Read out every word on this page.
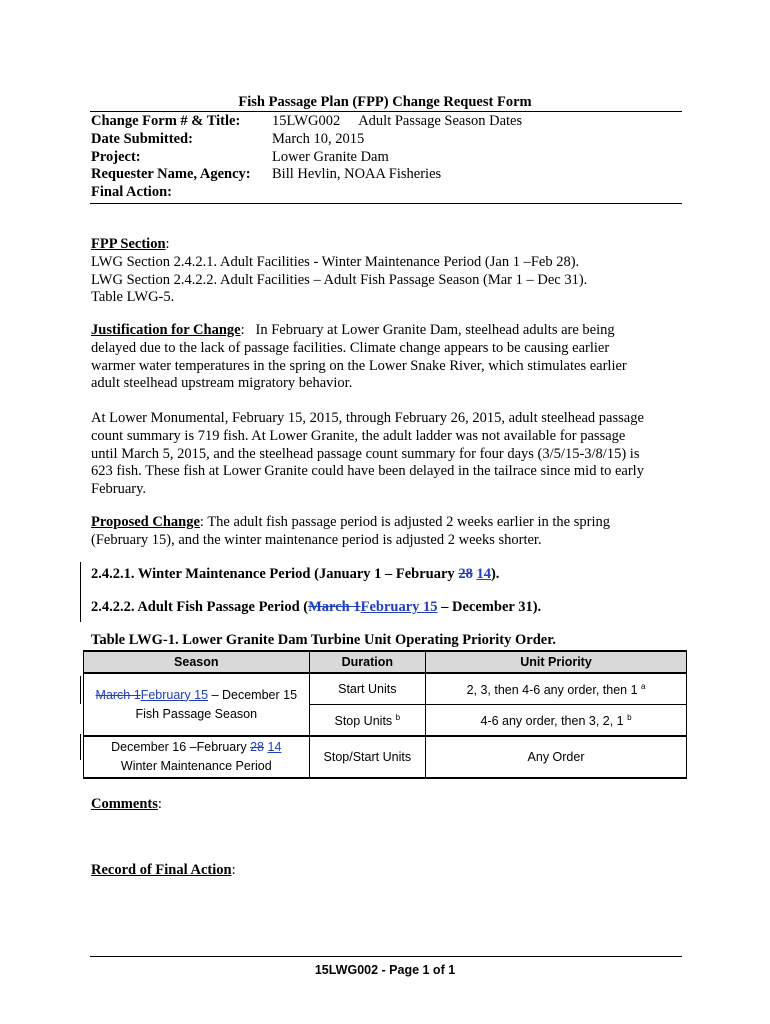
Fish Passage Plan (FPP) Change Request Form
Change Form # & Title:	15LWG002 Adult Passage Season Dates
Date Submitted:	March 10, 2015
Project:	Lower Granite Dam
Requester Name, Agency:	Bill Hevlin, NOAA Fisheries
Final Action:
FPP Section:
LWG Section 2.4.2.1. Adult Facilities - Winter Maintenance Period (Jan 1 –Feb 28).
LWG Section 2.4.2.2. Adult Facilities – Adult Fish Passage Season (Mar 1 – Dec 31).
Table LWG-5.
Justification for Change:   In February at Lower Granite Dam, steelhead adults are being
delayed due to the lack of passage facilities. Climate change appears to be causing earlier
warmer water temperatures in the spring on the Lower Snake River, which stimulates earlier
adult steelhead upstream migratory behavior.
At Lower Monumental, February 15, 2015, through February 26, 2015, adult steelhead passage
count summary is 719 fish. At Lower Granite, the adult ladder was not available for passage
until March 5, 2015, and the steelhead passage count summary for four days (3/5/15-3/8/15) is
623 fish. These fish at Lower Granite could have been delayed in the tailrace since mid to early
February.
Proposed Change: The adult fish passage period is adjusted 2 weeks earlier in the spring
(February 15), and the winter maintenance period is adjusted 2 weeks shorter.
2.4.2.1. Winter Maintenance Period (January 1 – February 28 14).
2.4.2.2. Adult Fish Passage Period (March 1February 15 – December 31).
Table LWG-1. Lower Granite Dam Turbine Unit Operating Priority Order.
Season	Duration	Unit Priority

March 1February 15 – December 15
Fish Passage Season	Start Units	2, 3, then 4-6 any order, then 1 $^a$
	Stop Units $^b$	4-6 any order, then 3, 2, 1 $^b$

December 16 –February 28 14
Winter Maintenance Period	Stop/Start Units	Any Order
Comments:
Record of Final Action:
15LWG002 - Page 1 of 1
